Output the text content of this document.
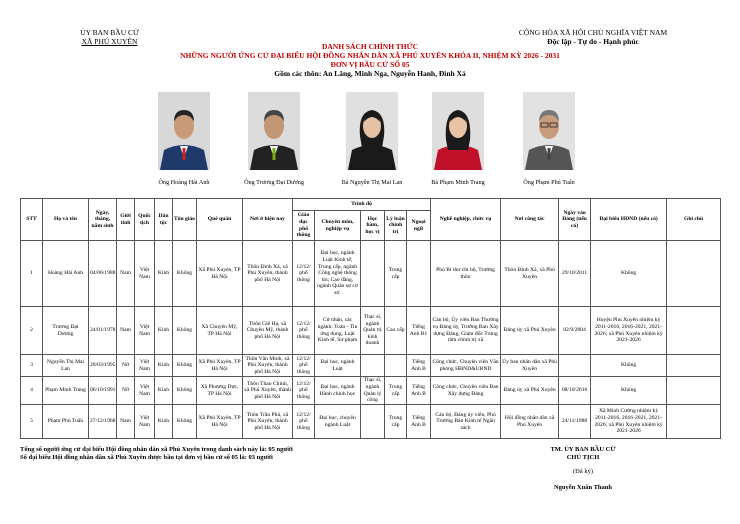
ỦY BAN BẦU CỬ
XÃ PHÚ XUYÊN
CỘNG HÒA XÃ HỘI CHỦ NGHĨA VIỆT NAM
Độc lập - Tự do - Hạnh phúc
DANH SÁCH CHÍNH THỨC
NHỮNG NGƯỜI ỨNG CỬ ĐẠI BIỂU HỘI ĐỒNG NHÂN DÂN XÃ PHÚ XUYÊN KHÓA II, NHIỆM KỲ 2026 - 2031
ĐƠN VỊ BẦU CỬ SỐ 05
Gồm các thôn: An Lãng, Minh Nga, Nguyễn Hanh, Đình Xá
Ông Hoàng Hải Anh	Ông Trương Đại Dương	Bà Nguyễn Thị Mai Lan	Bà Phạm Minh Trang	Ông Phạm Phú Tuấn
STT	Họ và tên	Ngày, tháng, năm sinh	Giới tính	Quốc tịch	Dân tộc	Tôn giáo	Quê quán	Nơi ở hiện nay	Trình độ					Nghề nghiệp, chức vụ	Nơi công tác	Ngày vào Đảng (nếu có)	Đại biểu HĐND (nếu có)	Ghi chú
									Giáo dục phổ thông	Chuyên môn, nghiệp vụ	Học hàm, học vị	Lý luận chính trị	Ngoại ngữ					
1	Hoàng Hải Anh	04/06/1988	Nam	Việt Nam	Kinh	Không	Xã Phú Xuyên, TP Hà Nội	Thôn Đình Xá, xã Phú Xuyên, thành phố Hà Nội	12/12/ phổ thông	Đại học, ngành Luật Kinh tế; Trung cấp, ngành Công nghệ thông tin; Cao đẳng, ngành Quân sự cơ sở.		Trung cấp		Phó Bí thư chi bộ, Trưởng thôn	Thôn Đình Xá, xã Phú Xuyên	29/10/2011	Không	
2	Trương Đại Dương	24/01/1978	Nam	Việt Nam	Kinh	Không	Xã Chuyên Mỹ, TP Hà Nội	Thôn Giẽ Hạ, xã Chuyên Mỹ, thành phố Hà Nội	12/12/ phổ thông	Cử nhân, các ngành: Toán - Tin ứng dụng, Luật Kinh tế, Sư phạm	Thạc sĩ, ngành Quản trị kinh doanh	Cao cấp	Tiếng Anh B1	Cán bộ, Ủy viên Ban Thường vụ Đảng ủy, Trưởng Ban Xây dựng Đảng, Giám đốc Trung tâm chính trị xã	Đảng ủy xã Phú Xuyên	02/9/2004	Huyện Phú Xuyên nhiệm kỳ 2011-2016, 2016-2021, 2021-2026; xã Phú Xuyên nhiệm kỳ 2021-2026	
3	Nguyễn Thị Mai Lan	20/03/1995	Nữ	Việt Nam	Kinh	Không	Xã Phú Xuyên, TP Hà Nội	Thôn Văn Minh, xã Phú Xuyên, thành phố Hà Nội	12/12/ phổ thông	Đại học, ngành Luật			Tiếng Anh B	Công chức, Chuyên viên Văn phòng HĐND&UBND	Ủy ban nhân dân xã Phú Xuyên		Không	
4	Phạm Minh Trang	06/10/1991	Nữ	Việt Nam	Kinh	Không	Xã Phượng Dực, TP Hà Nội	Thôn Thao Chính, xã Phú Xuyên, thành phố Hà Nội	12/12/ phổ thông	Đại học, ngành Hành chính học	Thạc sĩ, ngành Quản lý công	Trung cấp	Tiếng Anh B	Công chức, Chuyên viên Ban Xây dựng Đảng	Đảng ủy xã Phú Xuyên	08/10/2016	Không	
5	Phạm Phú Tuấn	27/12/1968	Nam	Việt Nam	Kinh	Không	Xã Phú Xuyên, TP Hà Nội	Thôn Trần Phú, xã Phú Xuyên, thành phố Hà Nội	12/12/ phổ thông	Đại học, chuyên ngành Luật		Trung cấp	Tiếng Anh B	Cán bộ, Đảng ủy viên, Phó Trưởng Ban Kinh tế Ngân sách	Hội đồng nhân dân xã Phú Xuyên	24/11/1988	Xã Minh Cường nhiệm kỳ 2011-2016, 2016-2021, 2021-2026; xã Phú Xuyên nhiệm kỳ 2021-2026	
Tổng số người ứng cử đại biểu Hội đồng nhân dân xã Phú Xuyên trong danh sách này là: 05 người
Số đại biểu Hội đồng nhân dân xã Phú Xuyên được bầu tại đơn vị bầu cử số 05 là: 03 người
TM. ỦY BAN BẦU CỬ
CHỦ TỊCH
(Đã ký)
Nguyễn Xuân Thanh
